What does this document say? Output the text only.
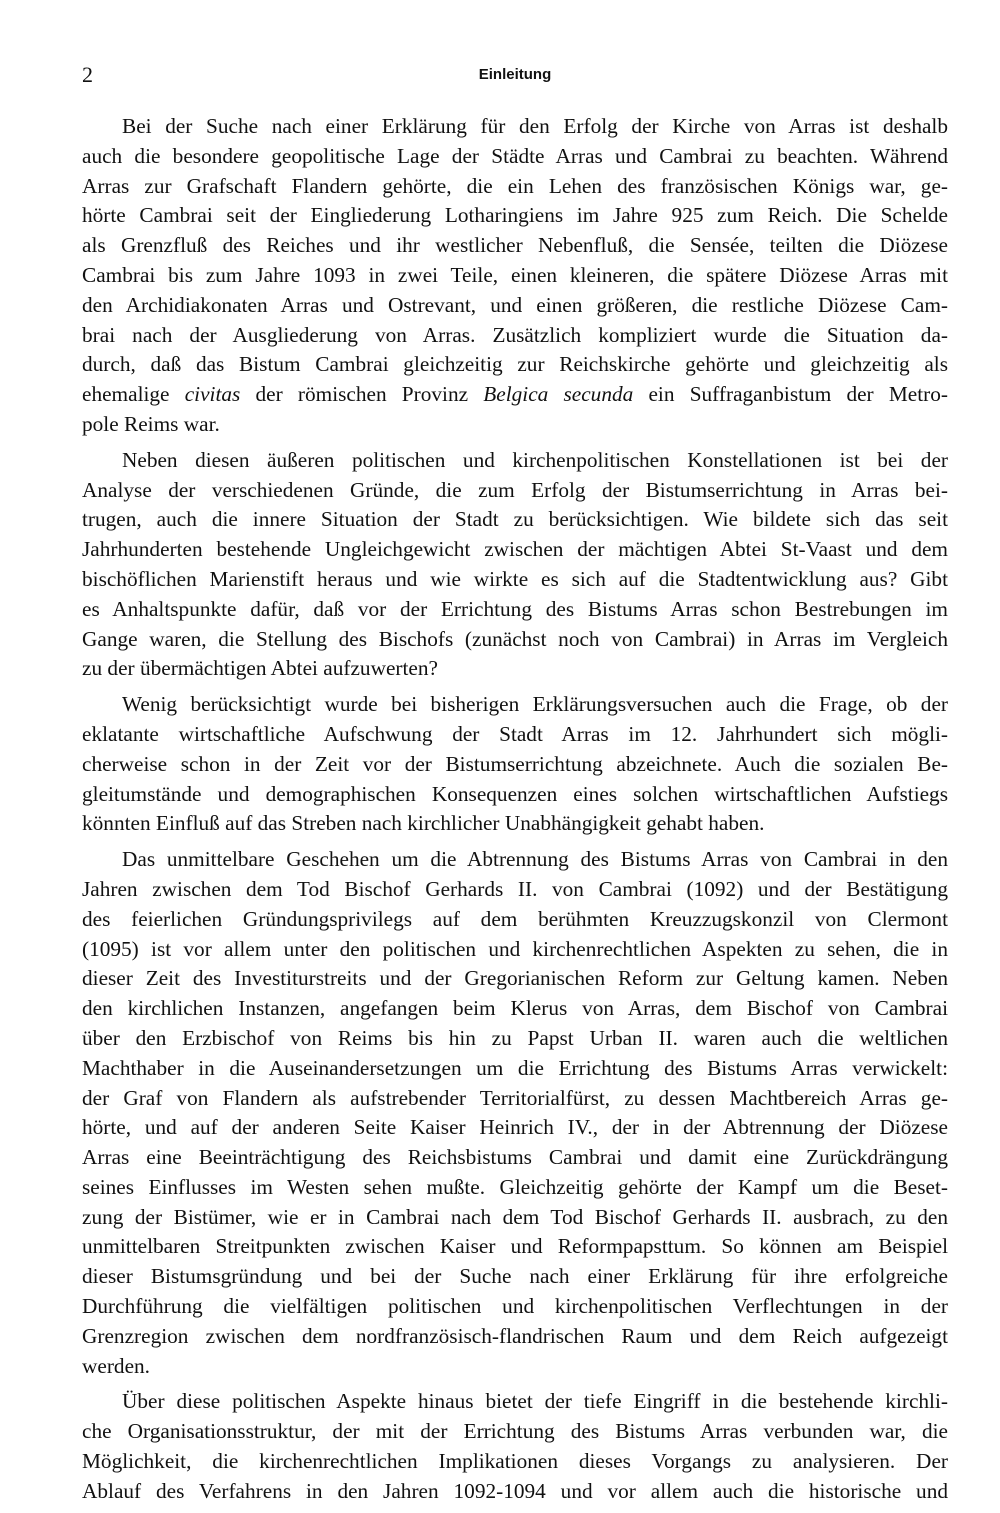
2	Einleitung
Bei der Suche nach einer Erklärung für den Erfolg der Kirche von Arras ist deshalb
auch die besondere geopolitische Lage der Städte Arras und Cambrai zu beachten. Während
Arras zur Grafschaft Flandern gehörte, die ein Lehen des französischen Königs war, ge-
hörte Cambrai seit der Eingliederung Lotharingiens im Jahre 925 zum Reich. Die Schelde
als Grenzfluß des Reiches und ihr westlicher Nebenfluß, die Sensée, teilten die Diözese
Cambrai bis zum Jahre 1093 in zwei Teile, einen kleineren, die spätere Diözese Arras mit
den Archidiakonaten Arras und Ostrevant, und einen größeren, die restliche Diözese Cam-
brai nach der Ausgliederung von Arras. Zusätzlich kompliziert wurde die Situation da-
durch, daß das Bistum Cambrai gleichzeitig zur Reichskirche gehörte und gleichzeitig als
ehemalige civitas der römischen Provinz Belgica secunda ein Suffraganbistum der Metro-
pole Reims war.
Neben diesen äußeren politischen und kirchenpolitischen Konstellationen ist bei der
Analyse der verschiedenen Gründe, die zum Erfolg der Bistumserrichtung in Arras bei-
trugen, auch die innere Situation der Stadt zu berücksichtigen. Wie bildete sich das seit
Jahrhunderten bestehende Ungleichgewicht zwischen der mächtigen Abtei St-Vaast und dem
bischöflichen Marienstift heraus und wie wirkte es sich auf die Stadtentwicklung aus? Gibt
es Anhaltspunkte dafür, daß vor der Errichtung des Bistums Arras schon Bestrebungen im
Gange waren, die Stellung des Bischofs (zunächst noch von Cambrai) in Arras im Vergleich
zu der übermächtigen Abtei aufzuwerten?
Wenig berücksichtigt wurde bei bisherigen Erklärungsversuchen auch die Frage, ob der
eklatante wirtschaftliche Aufschwung der Stadt Arras im 12. Jahrhundert sich mögli-
cherweise schon in der Zeit vor der Bistumserrichtung abzeichnete. Auch die sozialen Be-
gleitumstände und demographischen Konsequenzen eines solchen wirtschaftlichen Aufstiegs
könnten Einfluß auf das Streben nach kirchlicher Unabhängigkeit gehabt haben.
Das unmittelbare Geschehen um die Abtrennung des Bistums Arras von Cambrai in den
Jahren zwischen dem Tod Bischof Gerhards II. von Cambrai (1092) und der Bestätigung
des feierlichen Gründungsprivilegs auf dem berühmten Kreuzzugskonzil von Clermont
(1095) ist vor allem unter den politischen und kirchenrechtlichen Aspekten zu sehen, die in
dieser Zeit des Investiturstreits und der Gregorianischen Reform zur Geltung kamen. Neben
den kirchlichen Instanzen, angefangen beim Klerus von Arras, dem Bischof von Cambrai
über den Erzbischof von Reims bis hin zu Papst Urban II. waren auch die weltlichen
Machthaber in die Auseinandersetzungen um die Errichtung des Bistums Arras verwickelt:
der Graf von Flandern als aufstrebender Territorialfürst, zu dessen Machtbereich Arras ge-
hörte, und auf der anderen Seite Kaiser Heinrich IV., der in der Abtrennung der Diözese
Arras eine Beeinträchtigung des Reichsbistums Cambrai und damit eine Zurückdrängung
seines Einflusses im Westen sehen mußte. Gleichzeitig gehörte der Kampf um die Beset-
zung der Bistümer, wie er in Cambrai nach dem Tod Bischof Gerhards II. ausbrach, zu den
unmittelbaren Streitpunkten zwischen Kaiser und Reformpapsttum. So können am Beispiel
dieser Bistumsgründung und bei der Suche nach einer Erklärung für ihre erfolgreiche
Durchführung die vielfältigen politischen und kirchenpolitischen Verflechtungen in der
Grenzregion zwischen dem nordfranzösisch-flandrischen Raum und dem Reich aufgezeigt
werden.
Über diese politischen Aspekte hinaus bietet der tiefe Eingriff in die bestehende kirchli-
che Organisationsstruktur, der mit der Errichtung des Bistums Arras verbunden war, die
Möglichkeit, die kirchenrechtlichen Implikationen dieses Vorgangs zu analysieren. Der
Ablauf des Verfahrens in den Jahren 1092-1094 und vor allem auch die historische und
